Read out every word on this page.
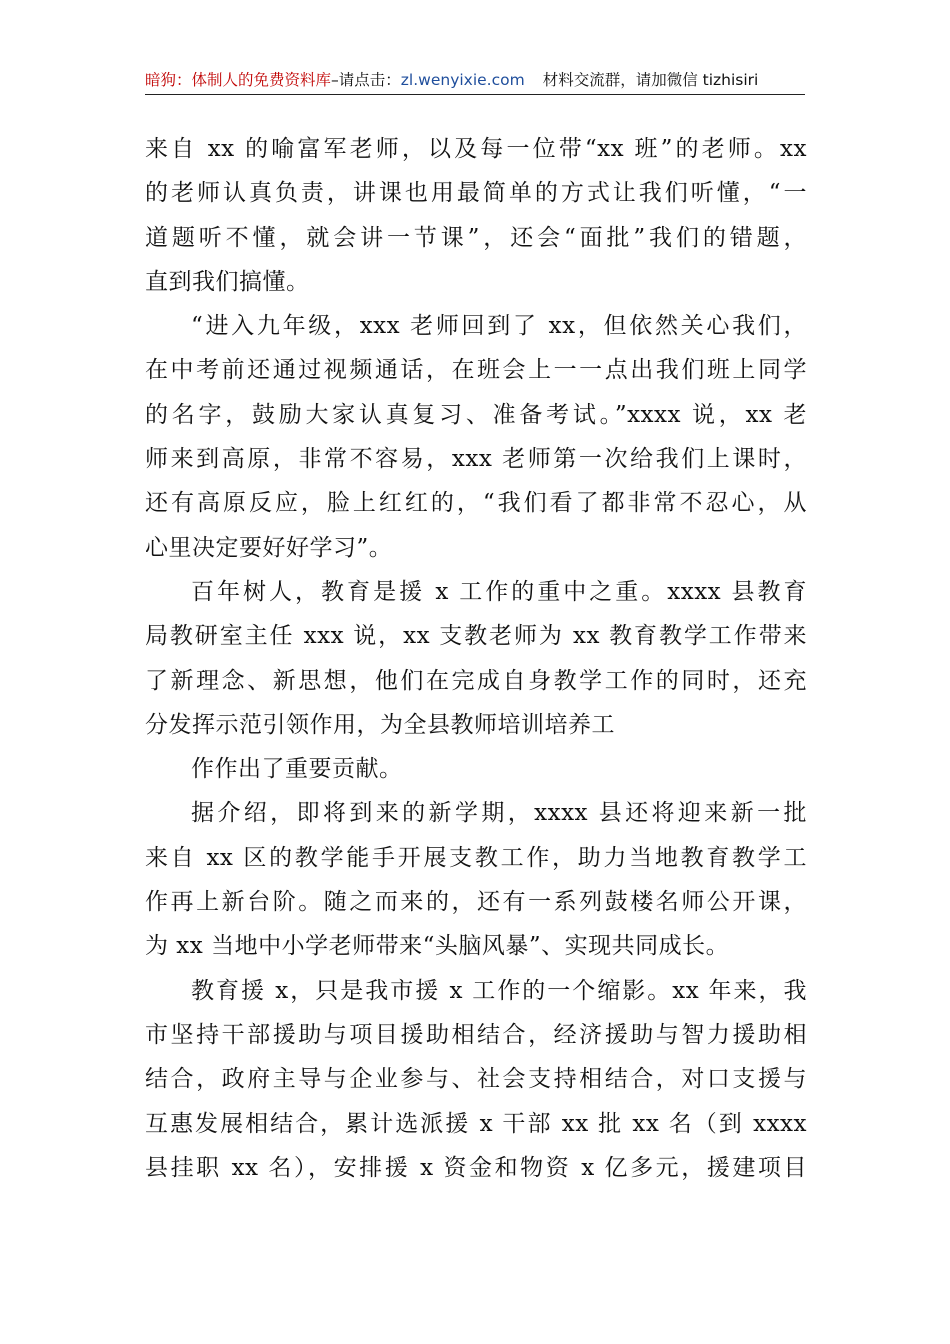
暗狗：体制人的免费资料库–请点击：zl.wenyixie.com 材料交流群，请加微信 tizhisiri
来自 xx 的喻富军老师，以及每一位带“xx 班”的老师。xx
的老师认真负责，讲课也用最简单的方式让我们听懂，“一
道题听不懂，就会讲一节课”，还会“面批”我们的错题，
直到我们搞懂。
“进入九年级，xxx 老师回到了 xx，但依然关心我们，
在中考前还通过视频通话，在班会上一一点出我们班上同学
的名字，鼓励大家认真复习、准备考试。”xxxx 说，xx 老
师来到高原，非常不容易，xxx 老师第一次给我们上课时，
还有高原反应，脸上红红的，“我们看了都非常不忍心，从
心里决定要好好学习”。
百年树人，教育是援 x 工作的重中之重。xxxx 县教育
局教研室主任 xxx 说，xx 支教老师为 xx 教育教学工作带来
了新理念、新思想，他们在完成自身教学工作的同时，还充
分发挥示范引领作用，为全县教师培训培养工
作作出了重要贡献。
据介绍，即将到来的新学期，xxxx 县还将迎来新一批
来自 xx 区的教学能手开展支教工作，助力当地教育教学工
作再上新台阶。随之而来的，还有一系列鼓楼名师公开课，
为 xx 当地中小学老师带来“头脑风暴”、实现共同成长。
教育援 x，只是我市援 x 工作的一个缩影。xx 年来，我
市坚持干部援助与项目援助相结合，经济援助与智力援助相
结合，政府主导与企业参与、社会支持相结合，对口支援与
互惠发展相结合，累计选派援 x 干部 xx 批 xx 名（到 xxxx
县挂职 xx 名），安排援 x 资金和物资 x 亿多元，援建项目
